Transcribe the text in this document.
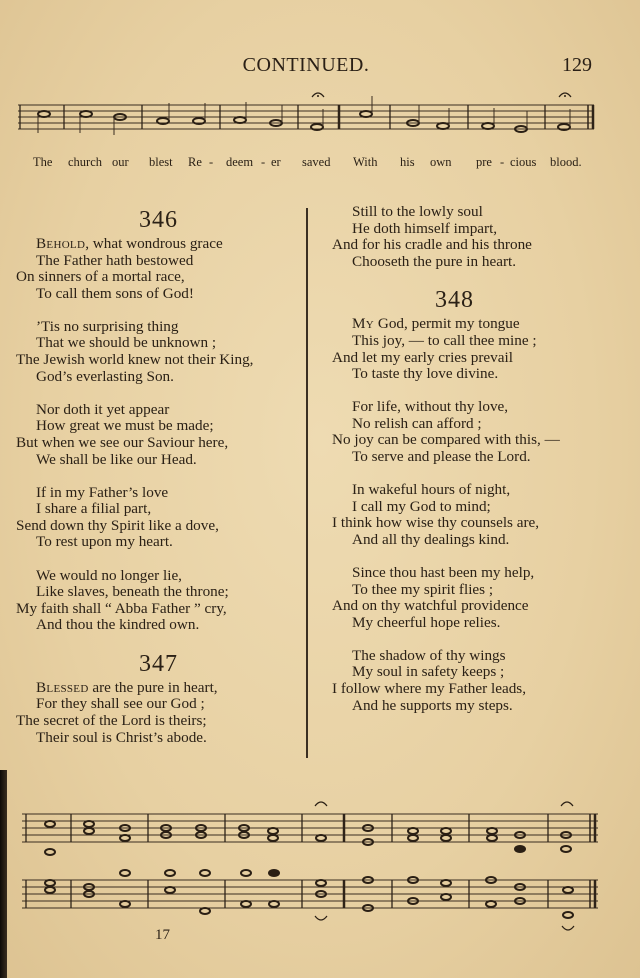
CONTINUED.	129
The church our blest Re - deem - er saved With his own pre - cious blood.
346
Behold, what wondrous grace
The Father hath bestowed
On sinners of a mortal race,
To call them sons of God!
’Tis no surprising thing
That we should be unknown ;
The Jewish world knew not their King,
God’s everlasting Son.
Nor doth it yet appear
How great we must be made;
But when we see our Saviour here,
We shall be like our Head.
If in my Father’s love
I share a filial part,
Send down thy Spirit like a dove,
To rest upon my heart.
We would no longer lie,
Like slaves, beneath the throne;
My faith shall “ Abba Father ” cry,
And thou the kindred own.
347
Blessed are the pure in heart,
For they shall see our God ;
The secret of the Lord is theirs;
Their soul is Christ’s abode.
Still to the lowly soul
He doth himself impart,
And for his cradle and his throne
Chooseth the pure in heart.
348
My God, permit my tongue
This joy, — to call thee mine ;
And let my early cries prevail
To taste thy love divine.
For life, without thy love,
No relish can afford ;
No joy can be compared with this, —
To serve and please the Lord.
In wakeful hours of night,
I call my God to mind;
I think how wise thy counsels are,
And all thy dealings kind.
Since thou hast been my help,
To thee my spirit flies ;
And on thy watchful providence
My cheerful hope relies.
The shadow of thy wings
My soul in safety keeps ;
I follow where my Father leads,
And he supports my steps.
17
